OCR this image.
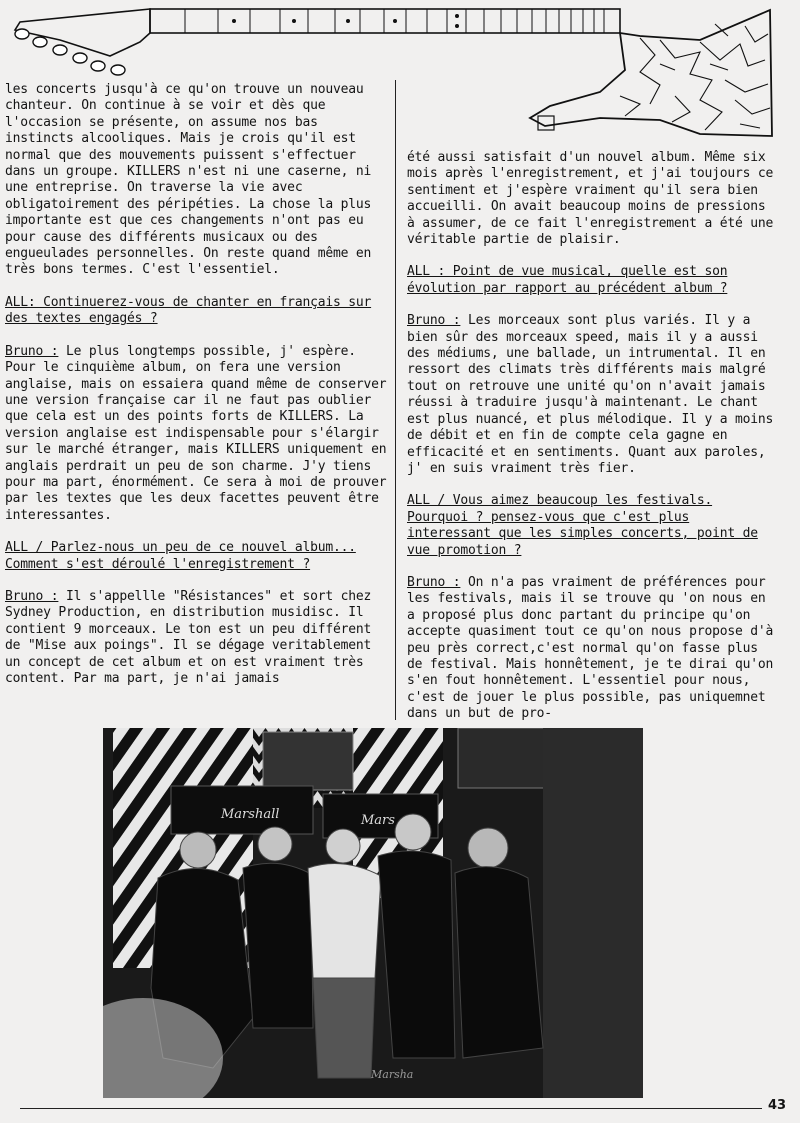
les concerts jusqu'à ce qu'on trouve un nouveau chanteur. On continue à se voir et dès que l'occasion se présente, on assume nos bas instincts alcooliques. Mais je crois qu'il est normal que des mouvements puissent s'effectuer dans un groupe. KILLERS n'est ni une caserne, ni une entreprise. On traverse la vie avec obligatoirement des péripéties. La chose la plus importante est que ces changements n'ont pas eu pour cause des différents musicaux ou des engueulades personnelles. On reste quand même en très bons termes. C'est l'essentiel.

ALL: Continuerez-vous de chanter en français sur des textes engagés ?

Bruno : Le plus longtemps possible, j' espère. Pour le cinquième album, on fera une version anglaise, mais on essaiera quand même de conserver une version française car il ne faut pas oublier que cela est un des points forts de KILLERS. La version anglaise est indispensable pour s'élargir sur le marché étranger, mais KILLERS uniquement en anglais perdrait un peu de son charme. J'y tiens pour ma part, énormément. Ce sera à moi de prouver par les textes que les deux facettes peuvent être interessantes.

ALL / Parlez-nous un peu de ce nouvel album... Comment s'est déroulé l'enregistrement ?

Bruno : Il s'appellle "Résistances" et sort chez Sydney Production, en distribution musidisc. Il contient 9 morceaux. Le ton est un peu différent de "Mise aux poings". Il se dégage veritablement un concept de cet album et on est vraiment très content. Par ma part, je n'ai jamais

été aussi satisfait d'un nouvel album. Même six mois après l'enregistrement, et j'ai toujours ce sentiment et j'espère vraiment qu'il sera bien accueilli. On avait beaucoup moins de pressions à assumer, de ce fait l'enregistrement a été une véritable partie de plaisir.

ALL : Point de vue musical, quelle est son évolution par rapport au précédent album ?

Bruno : Les morceaux sont plus variés. Il y a bien sûr des morceaux speed, mais il y a aussi des médiums, une ballade, un intrumental. Il en ressort des climats très différents mais malgré tout on retrouve une unité qu'on n'avait jamais réussi à traduire jusqu'à maintenant. Le chant est plus nuancé, et plus mélodique. Il y a moins de débit et en fin de compte cela gagne en efficacité et en sentiments. Quant aux paroles, j' en suis vraiment très fier.

ALL / Vous aimez beaucoup les festivals. Pourquoi ? pensez-vous que c'est plus interessant que les simples concerts, point de vue promotion ?

Bruno : On n'a pas vraiment de préférences pour les festivals, mais il se trouve qu 'on nous en a proposé plus donc partant du principe qu'on accepte quasiment tout ce qu'on nous propose d'à peu près correct,c'est normal qu'on fasse plus de festival. Mais honnêtement, je te dirai qu'on s'en fout honnêtement. L'essentiel pour nous, c'est de jouer le plus possible, pas uniquemnet dans un but de pro-

Marshall	Mars
Marsha
43
